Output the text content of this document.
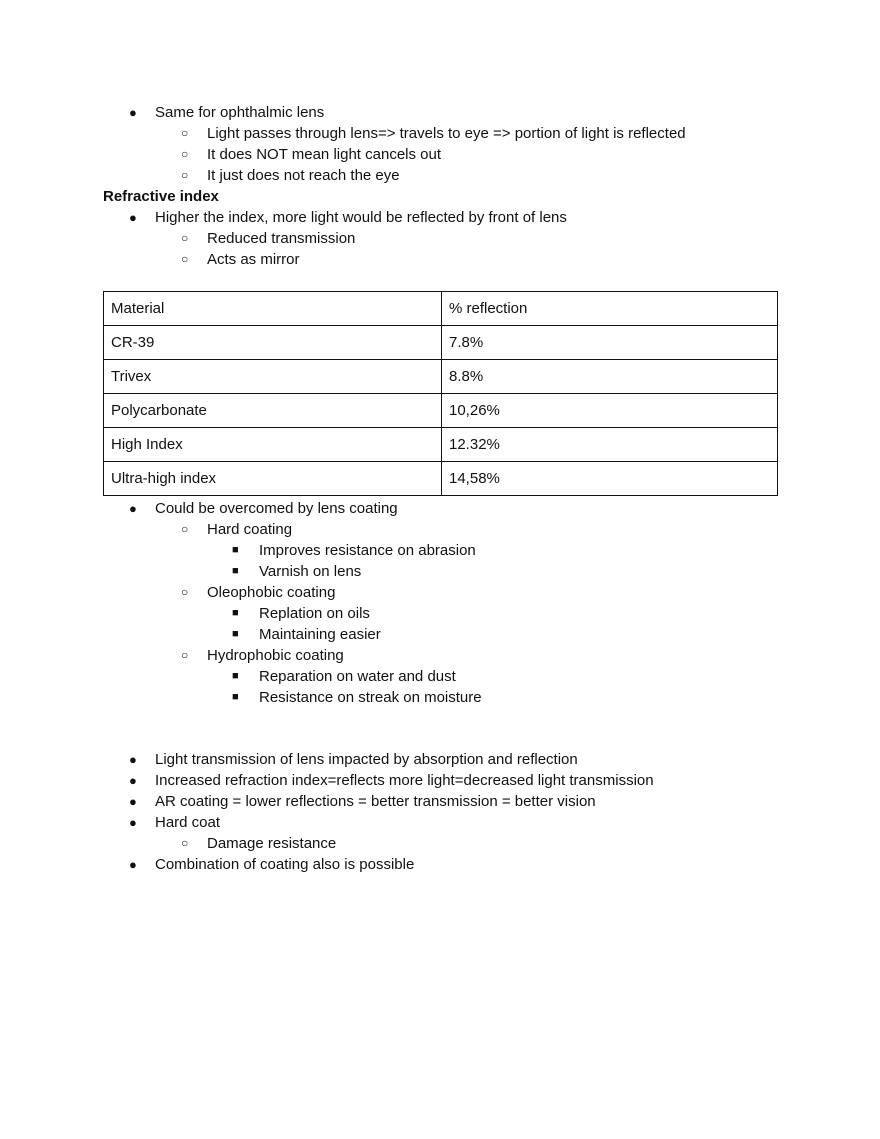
● Same for ophthalmic lens
○ Light passes through lens=> travels to eye => portion of light is reflected
○ It does NOT mean light cancels out
○ It just does not reach the eye
Refractive index
● Higher the index, more light would be reflected by front of lens
○ Reduced transmission
○ Acts as mirror
Material	% reflection
CR-39	7.8%
Trivex	8.8%
Polycarbonate	10,26%
High Index	12.32%
Ultra-high index	14,58%
● Could be overcomed by lens coating
○ Hard coating
■ Improves resistance on abrasion
■ Varnish on lens
○ Oleophobic coating
■ Replation on oils
■ Maintaining easier
○ Hydrophobic coating
■ Reparation on water and dust
■ Resistance on streak on moisture
● Light transmission of lens impacted by absorption and reflection
● Increased refraction index=reflects more light=decreased light transmission
● AR coating = lower reflections = better transmission = better vision
● Hard coat
○ Damage resistance
● Combination of coating also is possible
